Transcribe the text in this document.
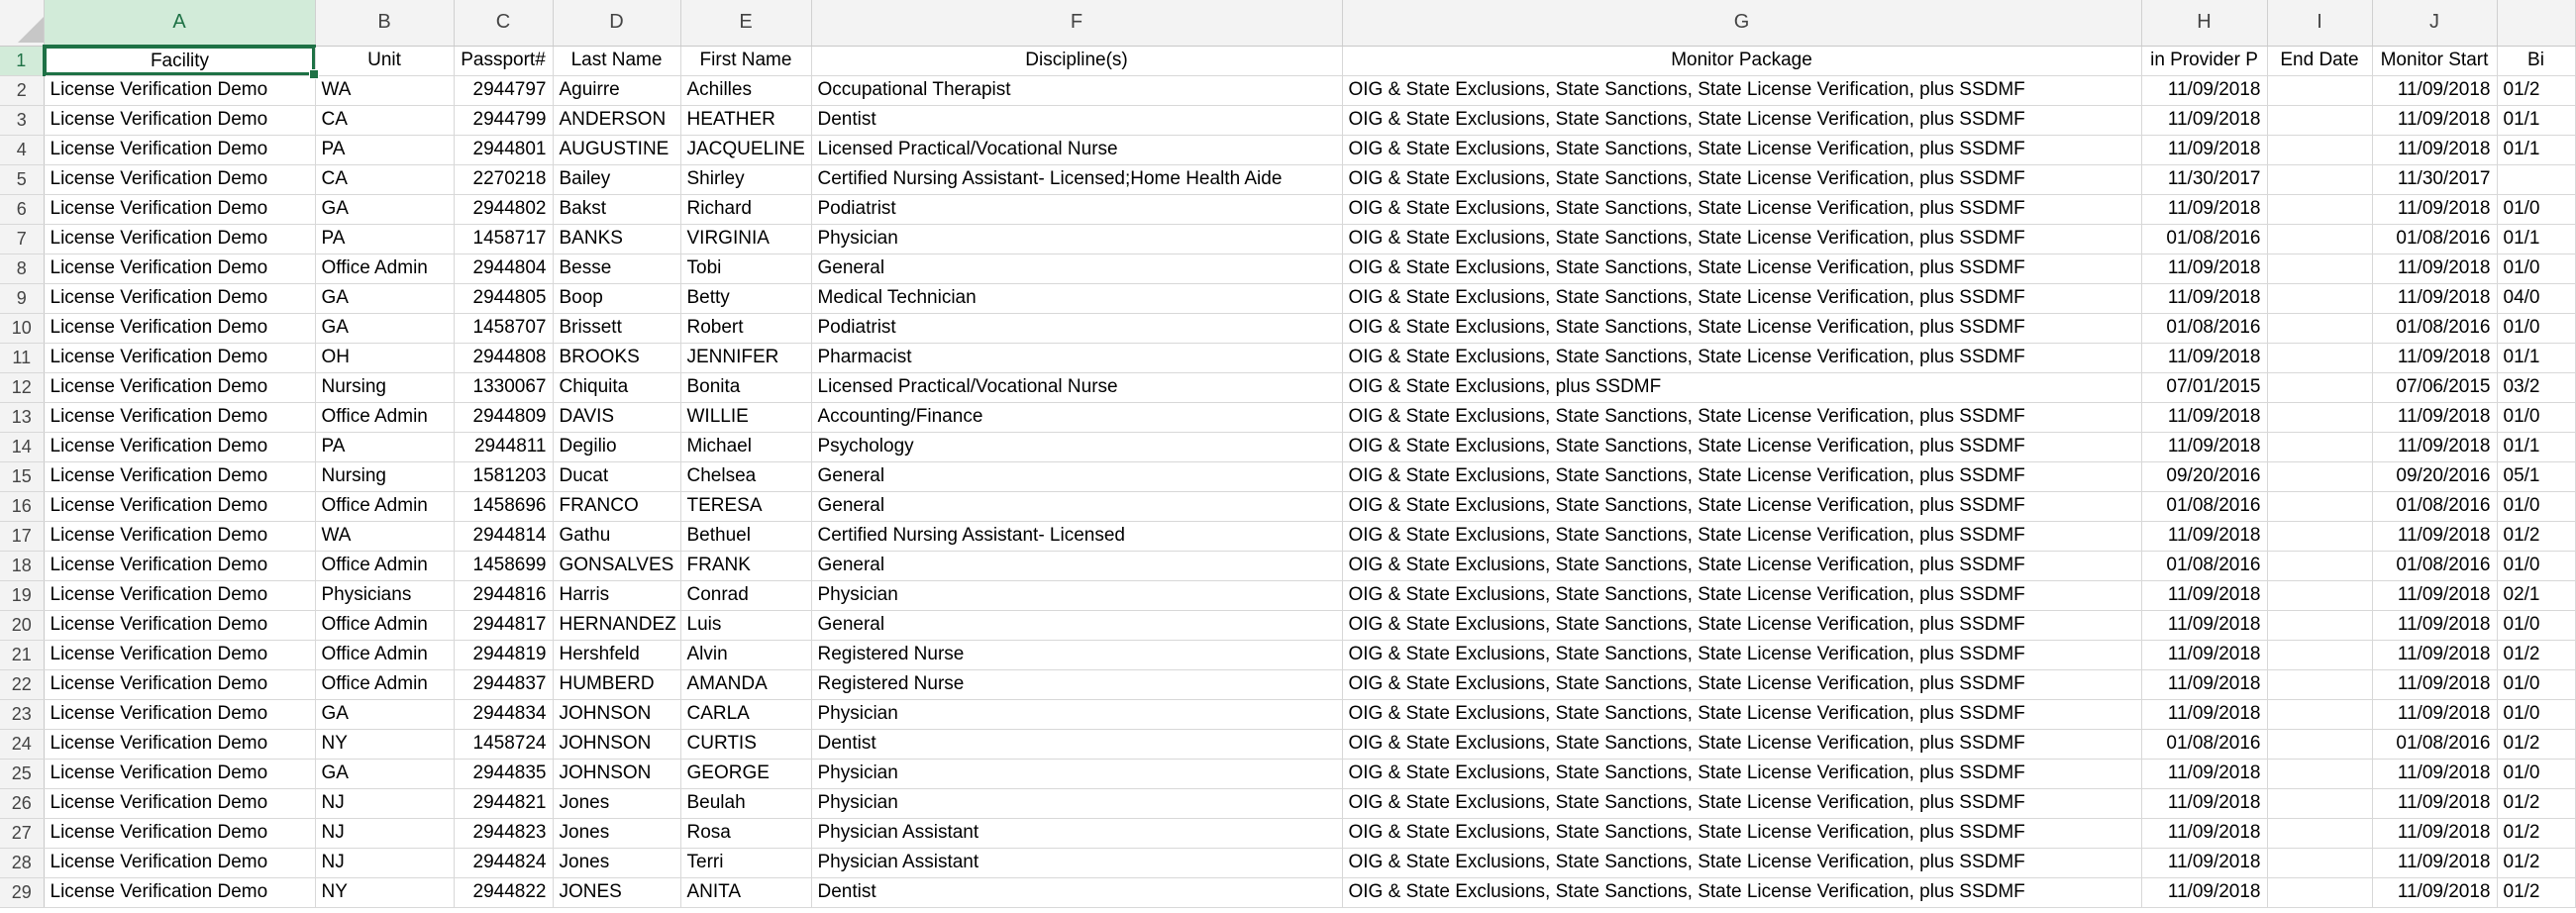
	A	B	C	D	E	F	G	H	I	J	
1	Facility	Unit	Passport#	Last Name	First Name	Discipline(s)	Monitor Package	in Provider P	End Date	Monitor Start	Bi
2	License Verification Demo	WA	2944797	Aguirre	Achilles	Occupational Therapist	OIG & State Exclusions, State Sanctions, State License Verification, plus SSDMF	11/09/2018		11/09/2018	01/2
3	License Verification Demo	CA	2944799	ANDERSON	HEATHER	Dentist	OIG & State Exclusions, State Sanctions, State License Verification, plus SSDMF	11/09/2018		11/09/2018	01/1
4	License Verification Demo	PA	2944801	AUGUSTINE	JACQUELINE	Licensed Practical/Vocational Nurse	OIG & State Exclusions, State Sanctions, State License Verification, plus SSDMF	11/09/2018		11/09/2018	01/1
5	License Verification Demo	CA	2270218	Bailey	Shirley	Certified Nursing Assistant- Licensed;Home Health Aide	OIG & State Exclusions, State Sanctions, State License Verification, plus SSDMF	11/30/2017		11/30/2017	
6	License Verification Demo	GA	2944802	Bakst	Richard	Podiatrist	OIG & State Exclusions, State Sanctions, State License Verification, plus SSDMF	11/09/2018		11/09/2018	01/0
7	License Verification Demo	PA	1458717	BANKS	VIRGINIA	Physician	OIG & State Exclusions, State Sanctions, State License Verification, plus SSDMF	01/08/2016		01/08/2016	01/1
8	License Verification Demo	Office Admin	2944804	Besse	Tobi	General	OIG & State Exclusions, State Sanctions, State License Verification, plus SSDMF	11/09/2018		11/09/2018	01/0
9	License Verification Demo	GA	2944805	Boop	Betty	Medical Technician	OIG & State Exclusions, State Sanctions, State License Verification, plus SSDMF	11/09/2018		11/09/2018	04/0
10	License Verification Demo	GA	1458707	Brissett	Robert	Podiatrist	OIG & State Exclusions, State Sanctions, State License Verification, plus SSDMF	01/08/2016		01/08/2016	01/0
11	License Verification Demo	OH	2944808	BROOKS	JENNIFER	Pharmacist	OIG & State Exclusions, State Sanctions, State License Verification, plus SSDMF	11/09/2018		11/09/2018	01/1
12	License Verification Demo	Nursing	1330067	Chiquita	Bonita	Licensed Practical/Vocational Nurse	OIG & State Exclusions, plus SSDMF	07/01/2015		07/06/2015	03/2
13	License Verification Demo	Office Admin	2944809	DAVIS	WILLIE	Accounting/Finance	OIG & State Exclusions, State Sanctions, State License Verification, plus SSDMF	11/09/2018		11/09/2018	01/0
14	License Verification Demo	PA	2944811	Degilio	Michael	Psychology	OIG & State Exclusions, State Sanctions, State License Verification, plus SSDMF	11/09/2018		11/09/2018	01/1
15	License Verification Demo	Nursing	1581203	Ducat	Chelsea	General	OIG & State Exclusions, State Sanctions, State License Verification, plus SSDMF	09/20/2016		09/20/2016	05/1
16	License Verification Demo	Office Admin	1458696	FRANCO	TERESA	General	OIG & State Exclusions, State Sanctions, State License Verification, plus SSDMF	01/08/2016		01/08/2016	01/0
17	License Verification Demo	WA	2944814	Gathu	Bethuel	Certified Nursing Assistant- Licensed	OIG & State Exclusions, State Sanctions, State License Verification, plus SSDMF	11/09/2018		11/09/2018	01/2
18	License Verification Demo	Office Admin	1458699	GONSALVES	FRANK	General	OIG & State Exclusions, State Sanctions, State License Verification, plus SSDMF	01/08/2016		01/08/2016	01/0
19	License Verification Demo	Physicians	2944816	Harris	Conrad	Physician	OIG & State Exclusions, State Sanctions, State License Verification, plus SSDMF	11/09/2018		11/09/2018	02/1
20	License Verification Demo	Office Admin	2944817	HERNANDEZ	Luis	General	OIG & State Exclusions, State Sanctions, State License Verification, plus SSDMF	11/09/2018		11/09/2018	01/0
21	License Verification Demo	Office Admin	2944819	Hershfeld	Alvin	Registered Nurse	OIG & State Exclusions, State Sanctions, State License Verification, plus SSDMF	11/09/2018		11/09/2018	01/2
22	License Verification Demo	Office Admin	2944837	HUMBERD	AMANDA	Registered Nurse	OIG & State Exclusions, State Sanctions, State License Verification, plus SSDMF	11/09/2018		11/09/2018	01/0
23	License Verification Demo	GA	2944834	JOHNSON	CARLA	Physician	OIG & State Exclusions, State Sanctions, State License Verification, plus SSDMF	11/09/2018		11/09/2018	01/0
24	License Verification Demo	NY	1458724	JOHNSON	CURTIS	Dentist	OIG & State Exclusions, State Sanctions, State License Verification, plus SSDMF	01/08/2016		01/08/2016	01/2
25	License Verification Demo	GA	2944835	JOHNSON	GEORGE	Physician	OIG & State Exclusions, State Sanctions, State License Verification, plus SSDMF	11/09/2018		11/09/2018	01/0
26	License Verification Demo	NJ	2944821	Jones	Beulah	Physician	OIG & State Exclusions, State Sanctions, State License Verification, plus SSDMF	11/09/2018		11/09/2018	01/2
27	License Verification Demo	NJ	2944823	Jones	Rosa	Physician Assistant	OIG & State Exclusions, State Sanctions, State License Verification, plus SSDMF	11/09/2018		11/09/2018	01/2
28	License Verification Demo	NJ	2944824	Jones	Terri	Physician Assistant	OIG & State Exclusions, State Sanctions, State License Verification, plus SSDMF	11/09/2018		11/09/2018	01/2
29	License Verification Demo	NY	2944822	JONES	ANITA	Dentist	OIG & State Exclusions, State Sanctions, State License Verification, plus SSDMF	11/09/2018		11/09/2018	01/2
